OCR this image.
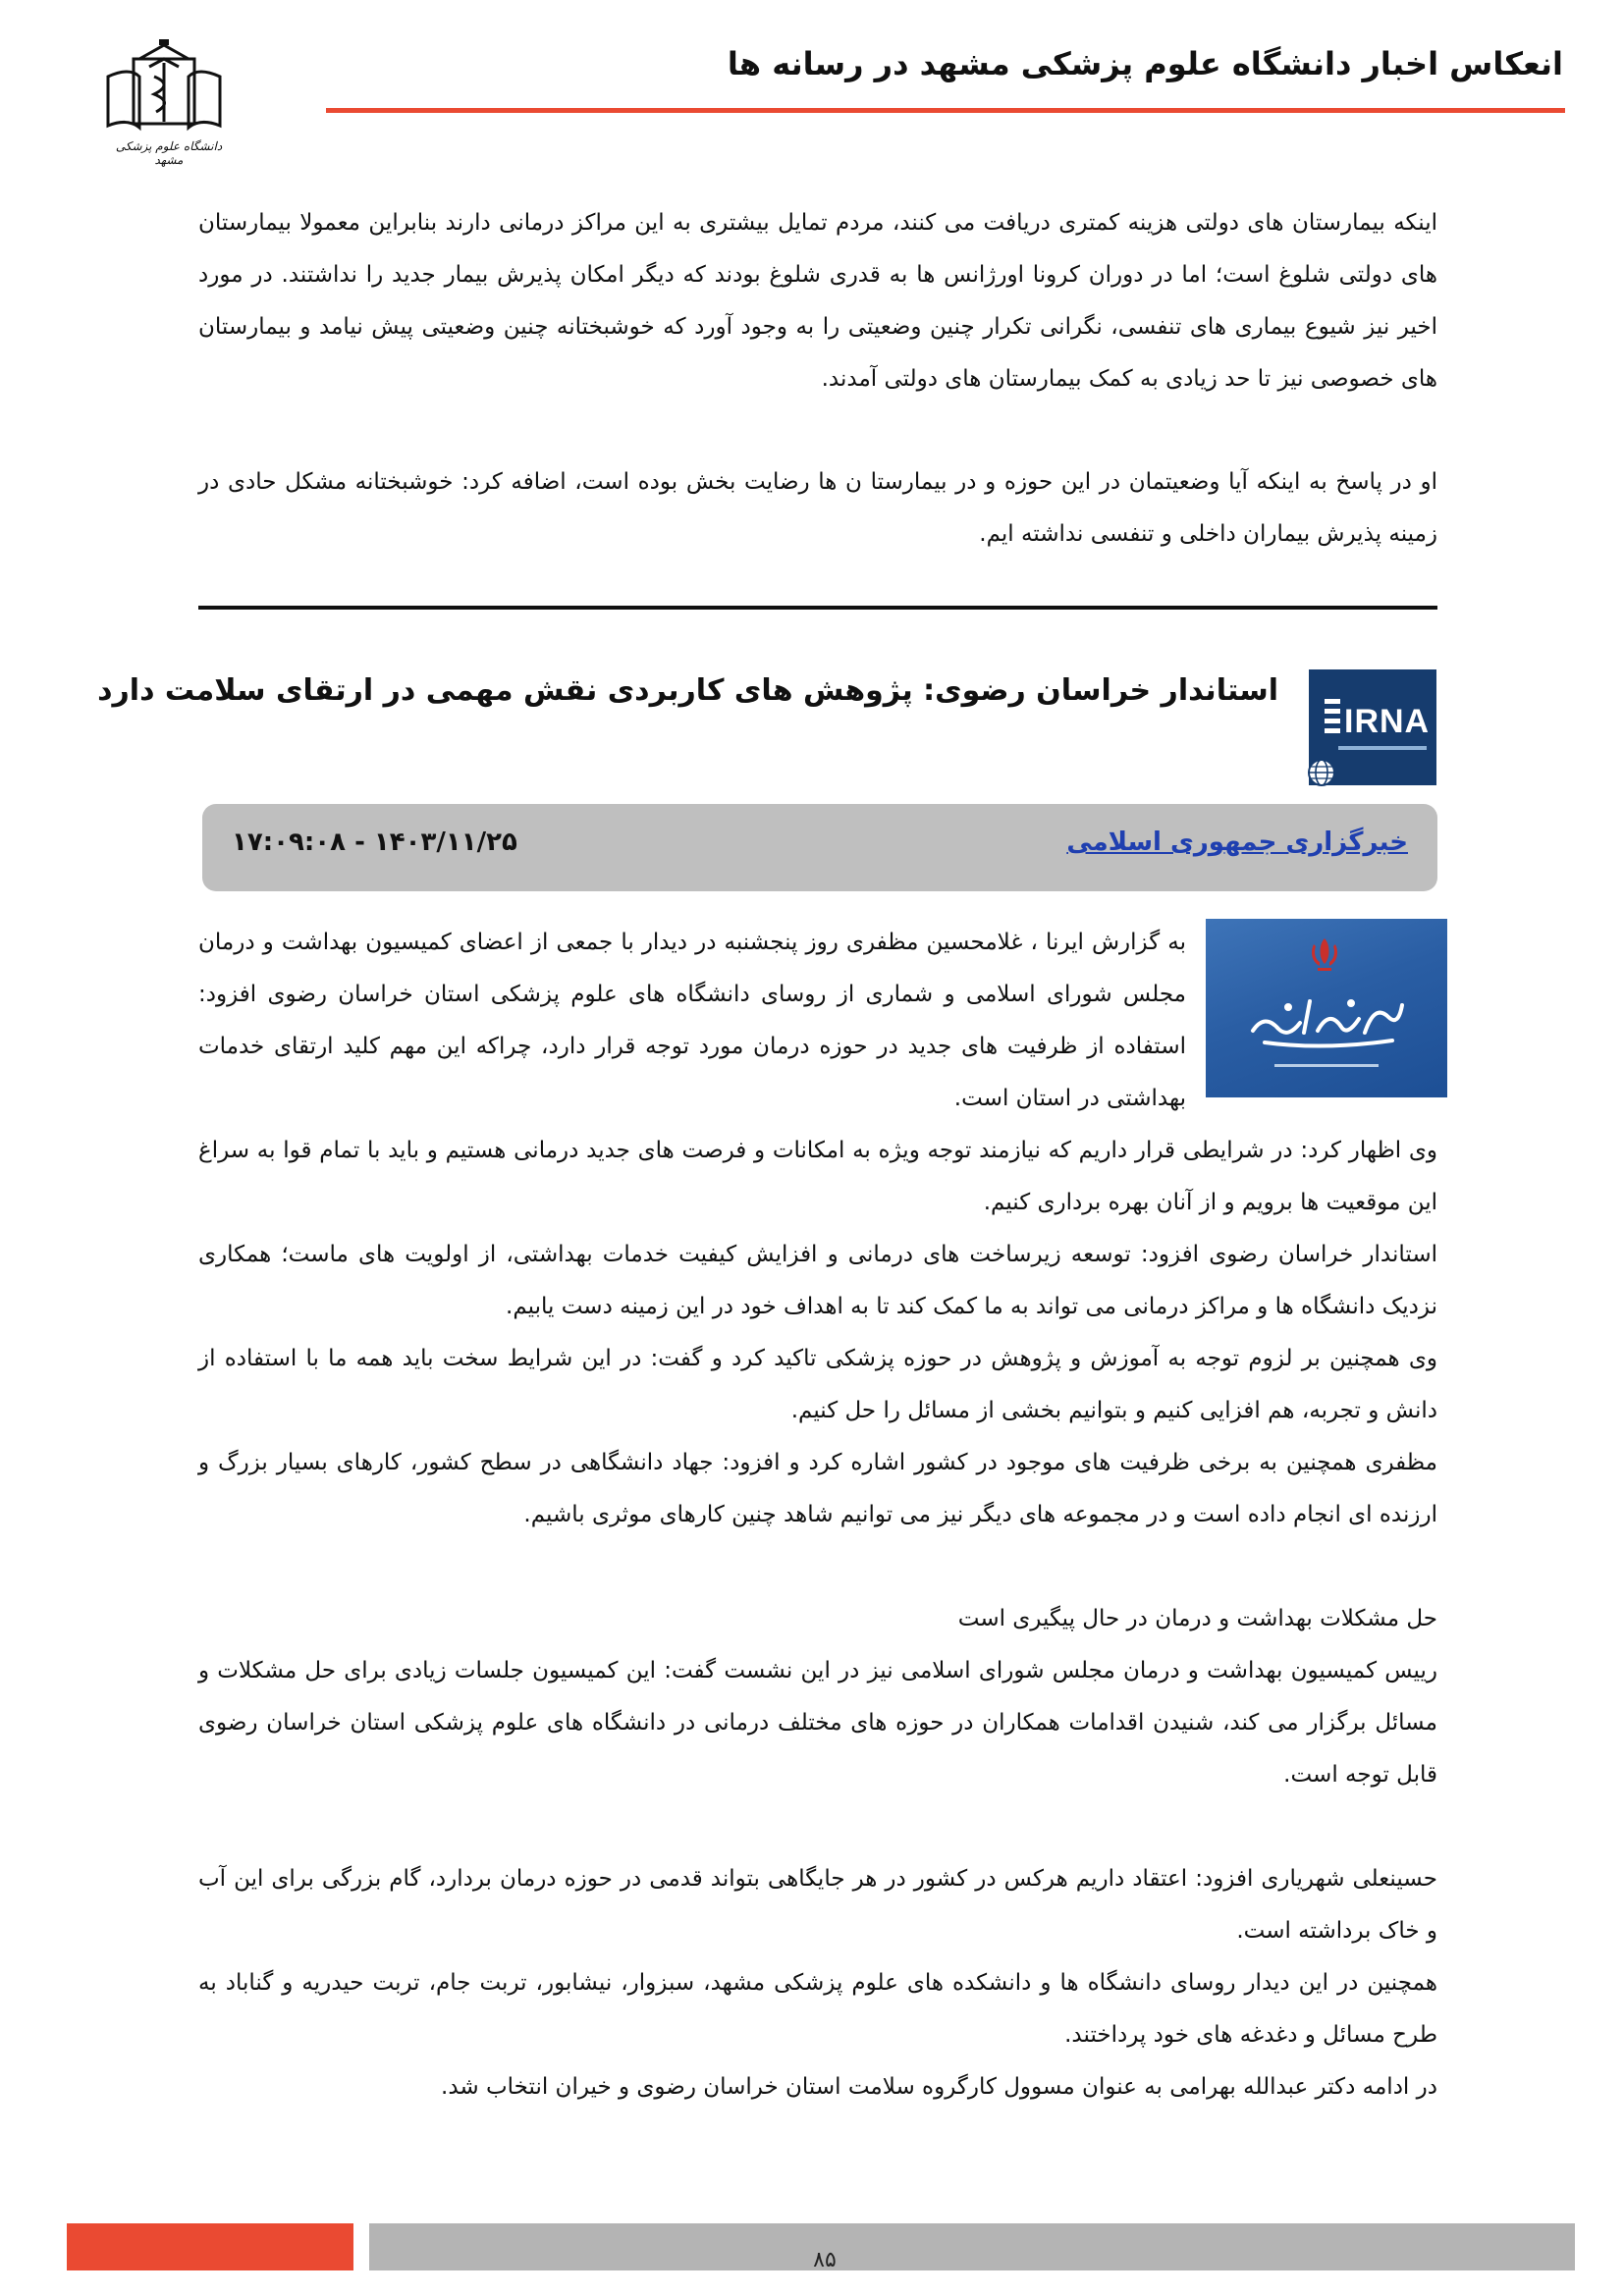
انعکاس اخبار دانشگاه علوم پزشکی مشهد در رسانه ها
دانشگاه علوم پزشکی مشهد

اینکه بیمارستان های دولتی هزینه کمتری دریافت می کنند، مردم تمایل بیشتری به این مراکز درمانی دارند بنابراین معمولا بیمارستان های دولتی شلوغ است؛ اما در دوران کرونا اورژانس ها به قدری شلوغ بودند که دیگر امکان پذیرش بیمار جدید را نداشتند. در مورد اخیر نیز شیوع بیماری های تنفسی، نگرانی تکرار چنین وضعیتی را به وجود آورد که خوشبختانه چنین وضعیتی پیش نیامد و بیمارستان های خصوصی نیز تا حد زیادی به کمک بیمارستان های دولتی آمدند.

او در پاسخ به اینکه آیا وضعیتمان در این حوزه و در بیمارستا ن ها رضایت بخش بوده است، اضافه کرد: خوشبختانه مشکل حادی در زمینه پذیرش بیماران داخلی و تنفسی نداشته ایم.

IRNA
استاندار خراسان رضوی: پژوهش های کاربردی نقش مهمی در ارتقای سلامت دارد
خبرگزاری جمهوری اسلامی
۱۴۰۳/۱۱/۲۵ - ۱۷:۰۹:۰۸

به گزارش ایرنا ، غلامحسین مظفری روز پنجشنبه در دیدار با جمعی از اعضای کمیسیون بهداشت و درمان مجلس شورای اسلامی و شماری از روسای دانشگاه های علوم پزشکی استان خراسان رضوی افزود: استفاده از ظرفیت های جدید در حوزه درمان مورد توجه قرار دارد، چراکه این مهم کلید ارتقای خدمات بهداشتی در استان است.

وی اظهار کرد: در شرایطی قرار داریم که نیازمند توجه ویژه به امکانات و فرصت های جدید درمانی هستیم و باید با تمام قوا به سراغ این موقعیت ها برویم و از آنان بهره برداری کنیم.

استاندار خراسان رضوی افزود: توسعه زیرساخت های درمانی و افزایش کیفیت خدمات بهداشتی، از اولویت های ماست؛ همکاری نزدیک دانشگاه ها و مراکز درمانی می تواند به ما کمک کند تا به اهداف خود در این زمینه دست یابیم.

وی همچنین بر لزوم توجه به آموزش و پژوهش در حوزه پزشکی تاکید کرد و گفت: در این شرایط سخت باید همه ما با استفاده از دانش و تجربه، هم افزایی کنیم و بتوانیم بخشی از مسائل را حل کنیم.

مظفری همچنین به برخی ظرفیت های موجود در کشور اشاره کرد و افزود: جهاد دانشگاهی در سطح کشور، کارهای بسیار بزرگ و ارزنده ای انجام داده است و در مجموعه های دیگر نیز می توانیم شاهد چنین کارهای موثری باشیم.

حل مشکلات بهداشت و درمان در حال پیگیری است

رییس کمیسیون بهداشت و درمان مجلس شورای اسلامی نیز در این نشست گفت: این کمیسیون جلسات زیادی برای حل مشکلات و مسائل برگزار می کند، شنیدن اقدامات همکاران در حوزه های مختلف درمانی در دانشگاه های علوم پزشکی استان خراسان رضوی قابل توجه است.

حسینعلی شهریاری افزود: اعتقاد داریم هرکس در کشور در هر جایگاهی بتواند قدمی در حوزه درمان بردارد، گام بزرگی برای این آب و خاک برداشته است.

همچنین در این دیدار روسای دانشگاه ها و دانشکده های علوم پزشکی مشهد، سبزوار، نیشابور، تربت جام، تربت حیدریه و گناباد به طرح مسائل و دغدغه های خود پرداختند.

در ادامه دکتر عبدالله بهرامی به عنوان مسوول کارگروه سلامت استان خراسان رضوی و خیران انتخاب شد.

۸۵
